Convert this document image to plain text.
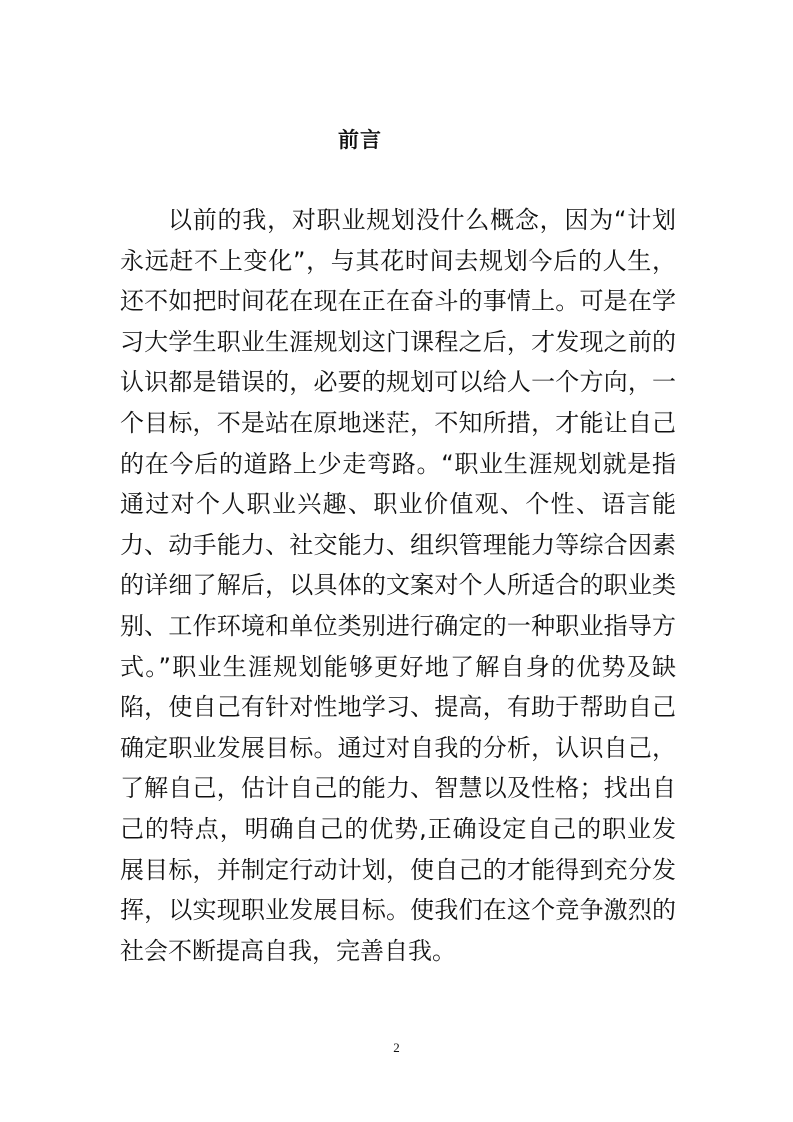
前言

以前的我，对职业规划没什么概念，因为“计划永远赶不上变化”，与其花时间去规划今后的人生，还不如把时间花在现在正在奋斗的事情上。可是在学习大学生职业生涯规划这门课程之后，才发现之前的认识都是错误的，必要的规划可以给人一个方向，一个目标，不是站在原地迷茫，不知所措，才能让自己的在今后的道路上少走弯路。“职业生涯规划就是指通过对个人职业兴趣、职业价值观、个性、语言能力、动手能力、社交能力、组织管理能力等综合因素的详细了解后，以具体的文案对个人所适合的职业类别、工作环境和单位类别进行确定的一种职业指导方式。”职业生涯规划能够更好地了解自身的优势及缺陷，使自己有针对性地学习、提高，有助于帮助自己确定职业发展目标。通过对自我的分析，认识自己，了解自己，估计自己的能力、智慧以及性格；找出自己的特点，明确自己的优势,正确设定自己的职业发展目标，并制定行动计划，使自己的才能得到充分发挥，以实现职业发展目标。使我们在这个竞争激烈的社会不断提高自我，完善自我。

2
